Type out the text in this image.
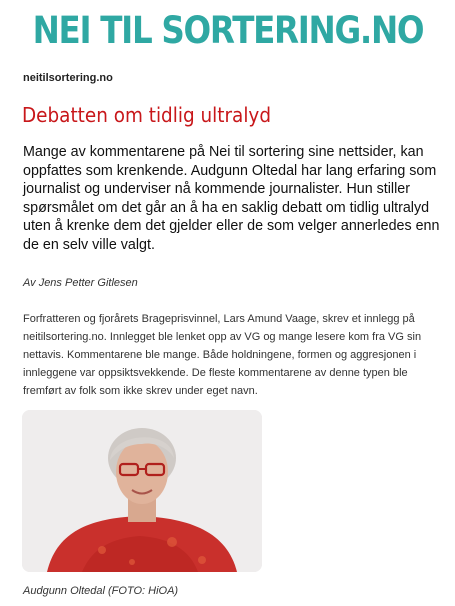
NEI TIL SORTERING.NO
neitilsortering.no
Debatten om tidlig ultralyd

Mange av kommentarene på Nei til sortering sine nettsider, kan oppfattes som krenkende. Audgunn Oltedal har lang erfaring som journalist og underviser nå kommende journalister. Hun stiller spørsmålet om det går an å ha en saklig debatt om tidlig ultralyd uten å krenke dem det gjelder eller de som velger annerledes enn de en selv ville valgt.

Av Jens Petter Gitlesen

Forfratteren og fjorårets Brageprisvinnel, Lars Amund Vaage, skrev et innlegg på neitilsortering.no. Innlegget ble lenket opp av VG og mange lesere kom fra VG sin nettavis. Kommentarene ble mange. Både holdningene, formen og aggresjonen i innleggene var oppsiktsvekkende. De fleste kommentarene av denne typen ble fremført av folk som ikke skrev under eget navn.

Audgunn Oltedal (FOTO: HiOA)
